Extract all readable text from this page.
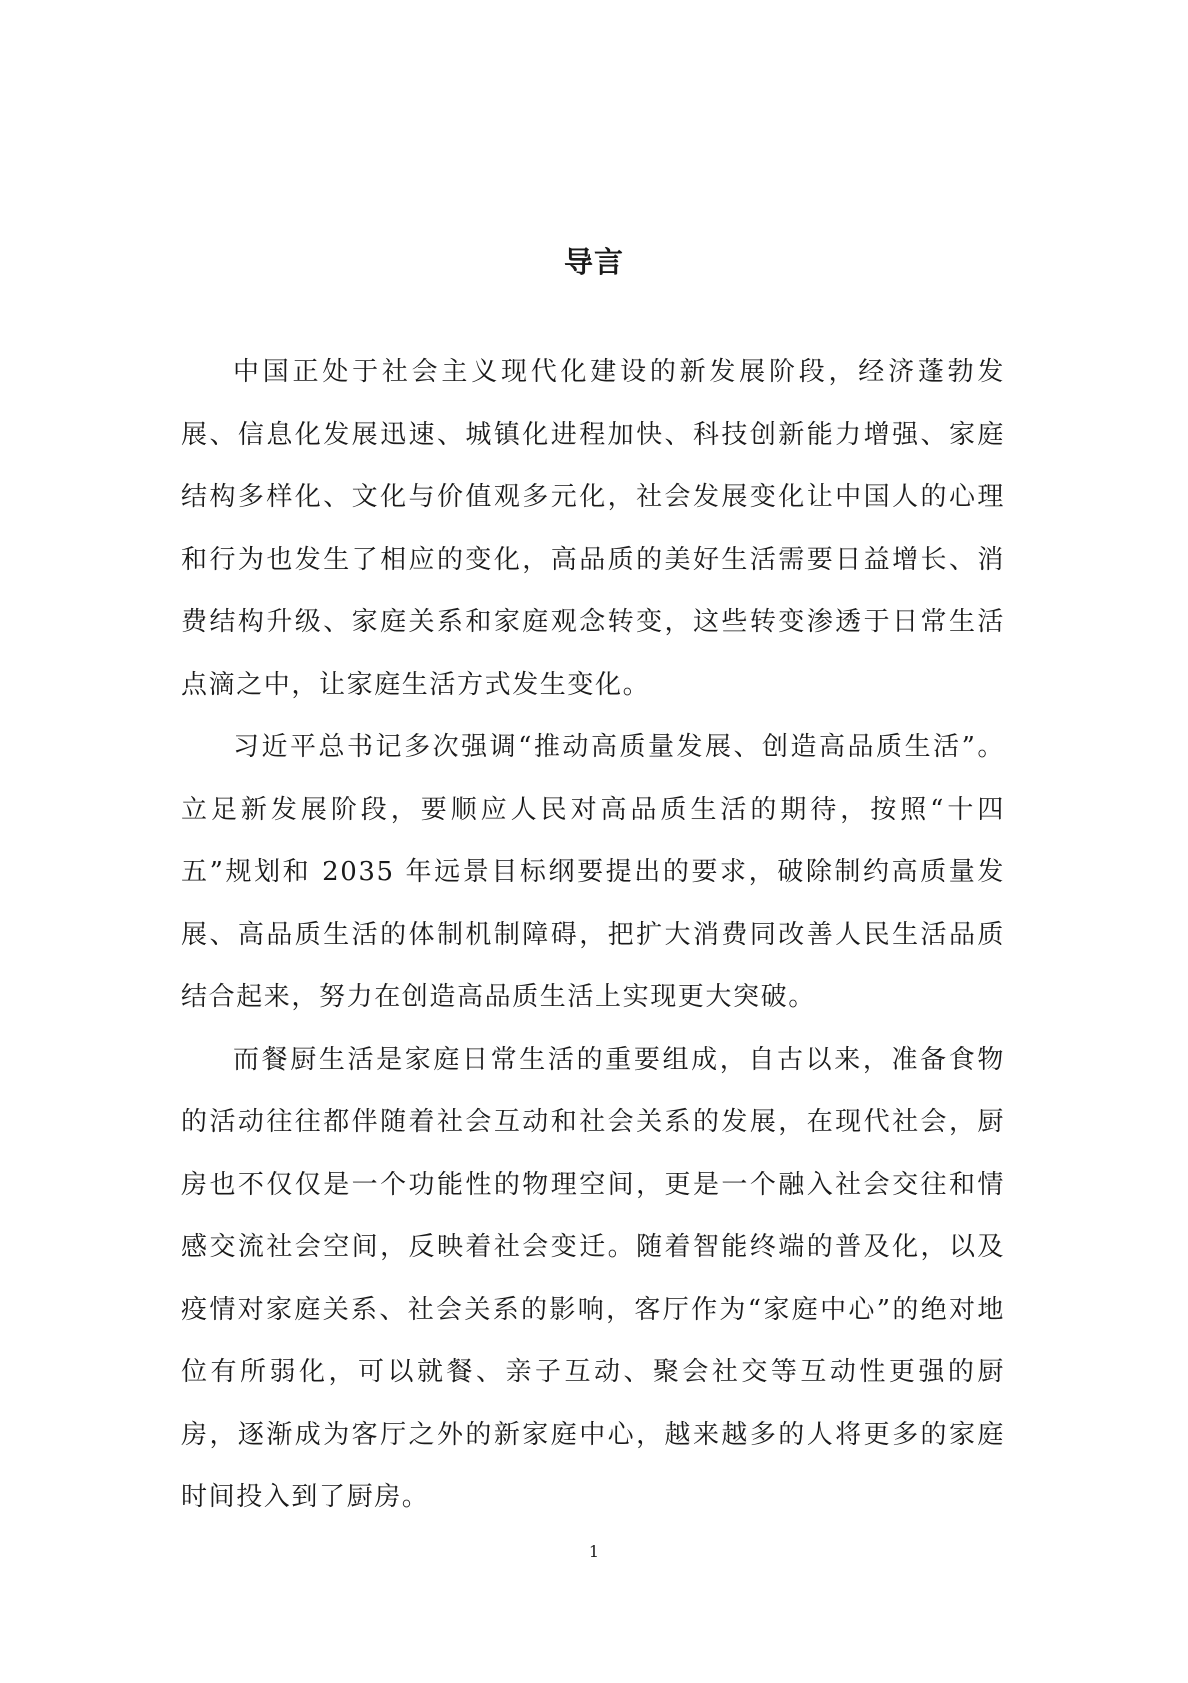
导言

中国正处于社会主义现代化建设的新发展阶段，经济蓬勃发展、信息化发展迅速、城镇化进程加快、科技创新能力增强、家庭结构多样化、文化与价值观多元化，社会发展变化让中国人的心理和行为也发生了相应的变化，高品质的美好生活需要日益增长、消费结构升级、家庭关系和家庭观念转变，这些转变渗透于日常生活点滴之中，让家庭生活方式发生变化。

习近平总书记多次强调“推动高质量发展、创造高品质生活”。立足新发展阶段，要顺应人民对高品质生活的期待，按照“十四五”规划和 2035 年远景目标纲要提出的要求，破除制约高质量发展、高品质生活的体制机制障碍，把扩大消费同改善人民生活品质结合起来，努力在创造高品质生活上实现更大突破。

而餐厨生活是家庭日常生活的重要组成，自古以来，准备食物的活动往往都伴随着社会互动和社会关系的发展，在现代社会，厨房也不仅仅是一个功能性的物理空间，更是一个融入社会交往和情感交流社会空间，反映着社会变迁。随着智能终端的普及化，以及疫情对家庭关系、社会关系的影响，客厅作为“家庭中心”的绝对地位有所弱化，可以就餐、亲子互动、聚会社交等互动性更强的厨房，逐渐成为客厅之外的新家庭中心，越来越多的人将更多的家庭时间投入到了厨房。

1
